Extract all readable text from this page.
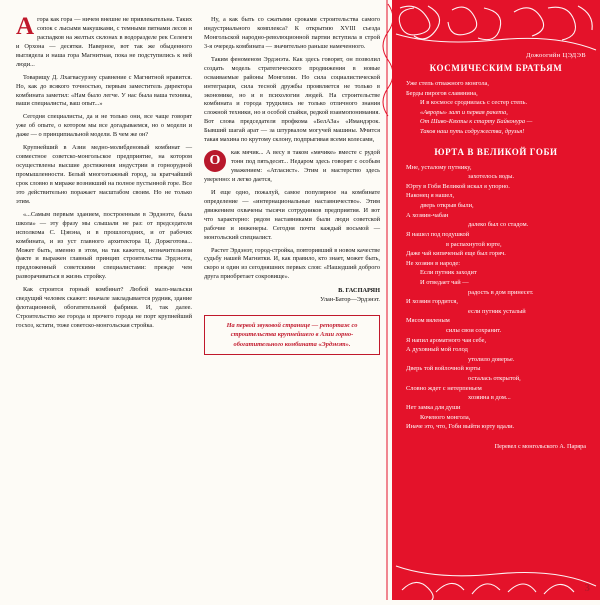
Агора как гора — ничем внешне не привлекательна. Таких сопок с лысыми макушками, с темными пятнами лесов и распадков на желтых склонах в водоразделе рек Селенги и Орхона — десятки. Наверное, вот так же обыденного выглядела и наша гора Магнитная, пока не подступились к ней люди...

Товарищу Д. Лхагвасурэну сравнение с Магнитной нравится. Но, как до всякого точностью, первым заместитель директора комбината заметил: «Нам было легче. У нас была ваша техника, ваши специалисты, ваш опыт...»

Сегодня специалисты, да и не только они, все чаще говорят уже об опыте, о котором мы все догадываемся, но о модели и даже — о принципиальной модели. В чем же он?

Крупнейший в Азии медно-молибденовый комбинат — совместное советско-монгольское предприятие, на котором осуществлены высшие достижения индустрии в горнорудной промышленности. Белый многоэтажный город, за кратчайший срок словно в мираже возникший на полное пустынной горе. Все это действительно поражает масштабом своим. Но не только этим.

«...Самым первым зданием, построенным в Эрдэнэте, была школа» — эту фразу мы слышали не раз: от председателя исполкома С. Цэвэна, и в прошлогодних, и от рабочих комбината, и из уст главного архитектора Ц. Доржготова... Может быть, именно в этом, на так кажется, незначительном факте и выражен главный принцип строительства Эрдэнэта, предложенный советскими специалистами: прежде чем разворачиваться в жизнь стройку.

Как строится горный комбинат? Любой мало-мальски сведущий человек скажет: вначале закладывается рудник, здание флотационной, обогатительной фабрики. И, так далее. Строительство же города и прочего города не порт крупнейший госхоз, кстати, тоже советско-монгольская стройка.

Ну, а как быть со сжатыми сроками строительства самого индустриального комплекса? К открытию XVIII съезда Монгольской народно-революционной партии вступила в строй 3-я очередь комбината — значительно раньше намеченного.

Таким феноменом Эрдэнэта. Как здесь говорят, он позволил создать модель стратегического продвижения в новые осваиваемые районы Монголии. Но сила социалистической интеграции, сила тесной дружбы проявляется не только в экономике, но и в психологии людей. На строительстве комбината и города трудились не только отличного знания сложной техники, но и особой спайки, редкой взаимопонимания. Вот слова председателя профкома «БелАЗа» «Имандэрок. Бывший шагай арат — за штурвалом могучей машины. Мчится такая махина по крутому склону, подпрыгивая всеми колесами,

О
как мячик... А весу в таком «мячике» вместе с рудой тонн под пятьдесят... Недаром здесь говорят с особым уважением: «Атласист». Этим и мастерство здесь уверенно: и легко дается,

И еще одно, пожалуй, самое популярное на комбинате определение — «интернациональные наставничество». Этим движением охвачены тысячи сотрудников предприятия. И вот что характерно: рядом наставниками были люди советской рабочие и инженеры. Сегодня почти каждый восьмой — монгольский специалист.

Растет Эрдэнэт, город-стройка, повторивший в новом качестве судьбу нашей Магнитки. И, как правило, кто знает, может быть, скоро и один из сегодняшних первых слов: «Нашедший доброго друга приобретает сокровище».

В. ГАСПАРЯН
Улан-Батор—Эрдэнэт.
На первой звуковой странице — репортаж со строительства крупнейшего в Азии горно-обогатительного комбината «Эрдэнэт».
Дожоогийн ЦЭДЭВ
КОСМИЧЕСКИМ БРАТЬЯМ
Уже степь отважного монгола,
Берды пирогов славянина,
И в космосе сроднилась с сестер степь.
«Авроры» залп и первая ракета,
От Шиво-Кяхты к старту Байконура —
Таков наш путь содружества, друзья!
ЮРТА В ВЕЛИКОЙ ГОБИ
Мне, усталому путнику,
захотелось воды.
Юрту в Гоби Великой искал я упорно.
Наконец я нашел,
дверь открыв были,
А хозяин-чабан
далеко был со стадом.
Я нашел под подушкой
в распахнутой юрте,
Даже чай кипяченый еще был горяч.
Не хозяин в народе:
Если путник заходит
И отведает чай —
радость в дом принесет.
И хозяин гордится,
если путник усталый
Мясом вяленым
силы свои сохранит.
Я напил ароматного чая себе,
А духовный мой голод
утолило доверье.
Дверь той войлочной юрты
осталась открытой,
Словно ждет с нетерпеньем
хозяина в дом...
Нет замка для души
Кочевого монгола,
Иначе это, что, Гоби выйти юрту вдали.
Перевел с монгольского А. Паряра
3
